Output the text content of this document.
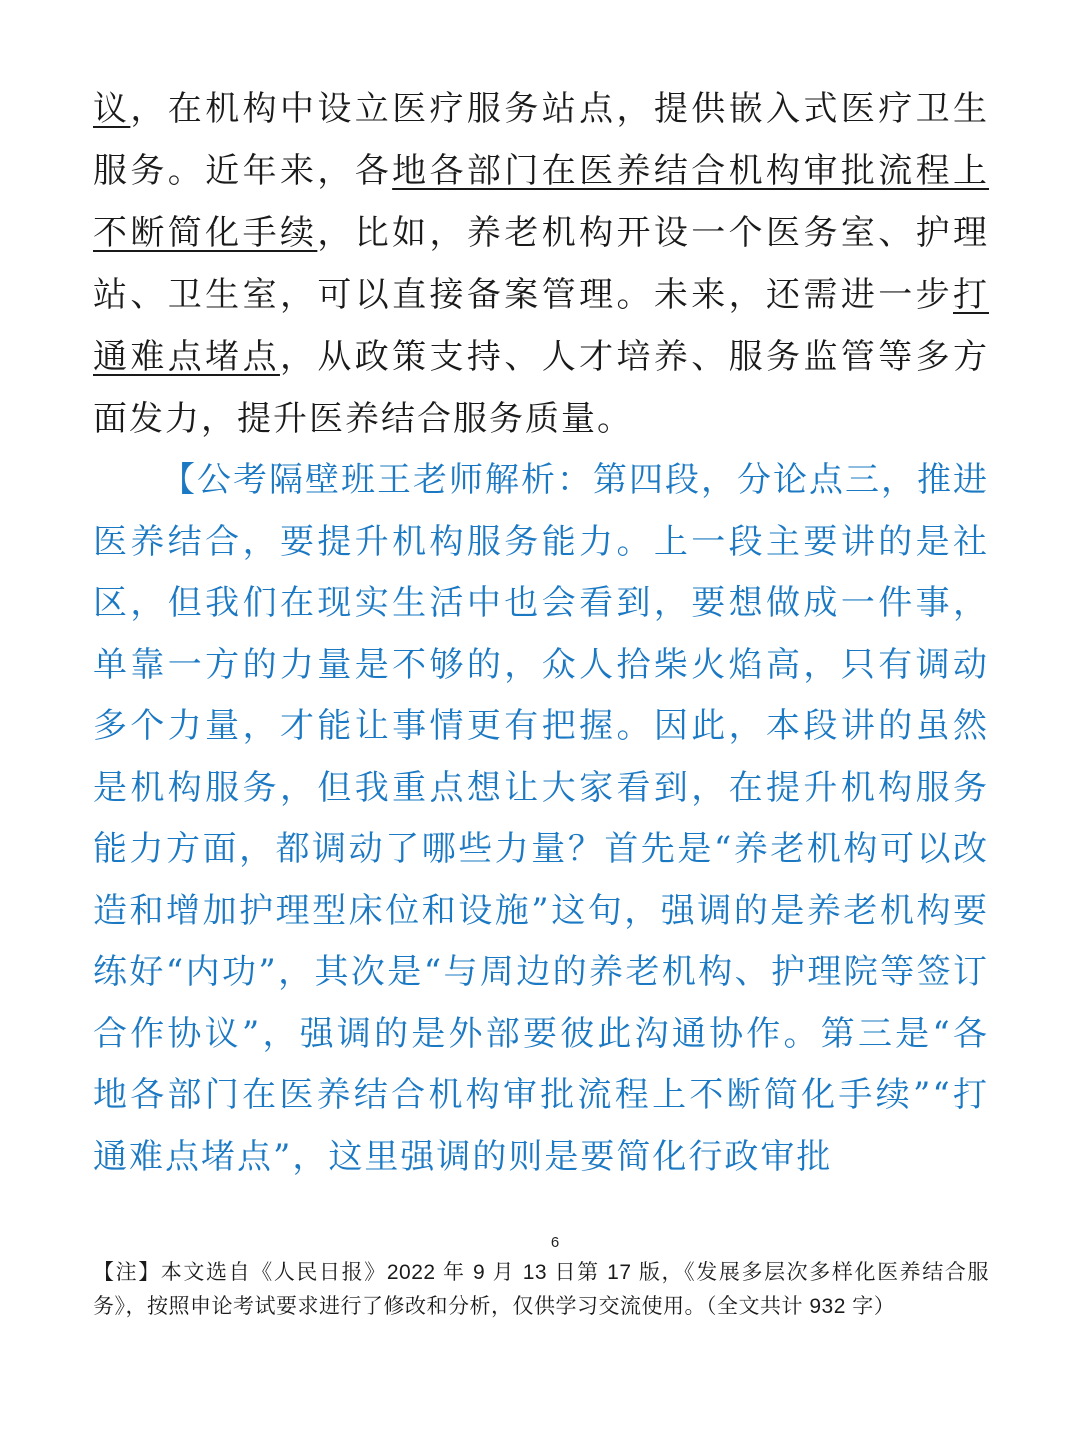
议，在机构中设立医疗服务站点，提供嵌入式医疗卫生服务。近年来，各地各部门在医养结合机构审批流程上不断简化手续，比如，养老机构开设一个医务室、护理站、卫生室，可以直接备案管理。未来，还需进一步打通难点堵点，从政策支持、人才培养、服务监管等多方面发力，提升医养结合服务质量。

【公考隔壁班王老师解析：第四段，分论点三，推进医养结合，要提升机构服务能力。上一段主要讲的是社区，但我们在现实生活中也会看到，要想做成一件事，单靠一方的力量是不够的，众人拾柴火焰高，只有调动多个力量，才能让事情更有把握。因此，本段讲的虽然是机构服务，但我重点想让大家看到，在提升机构服务能力方面，都调动了哪些力量？首先是“养老机构可以改造和增加护理型床位和设施”这句，强调的是养老机构要练好“内功”，其次是“与周边的养老机构、护理院等签订合作协议”，强调的是外部要彼此沟通协作。第三是“各地各部门在医养结合机构审批流程上不断简化手续”“打通难点堵点”，这里强调的则是要简化行政审批

6

【注】本文选自《人民日报》2022 年 9 月 13 日第 17 版，《发展多层次多样化医养结合服务》，按照申论考试要求进行了修改和分析，仅供学习交流使用。（全文共计 932 字）
